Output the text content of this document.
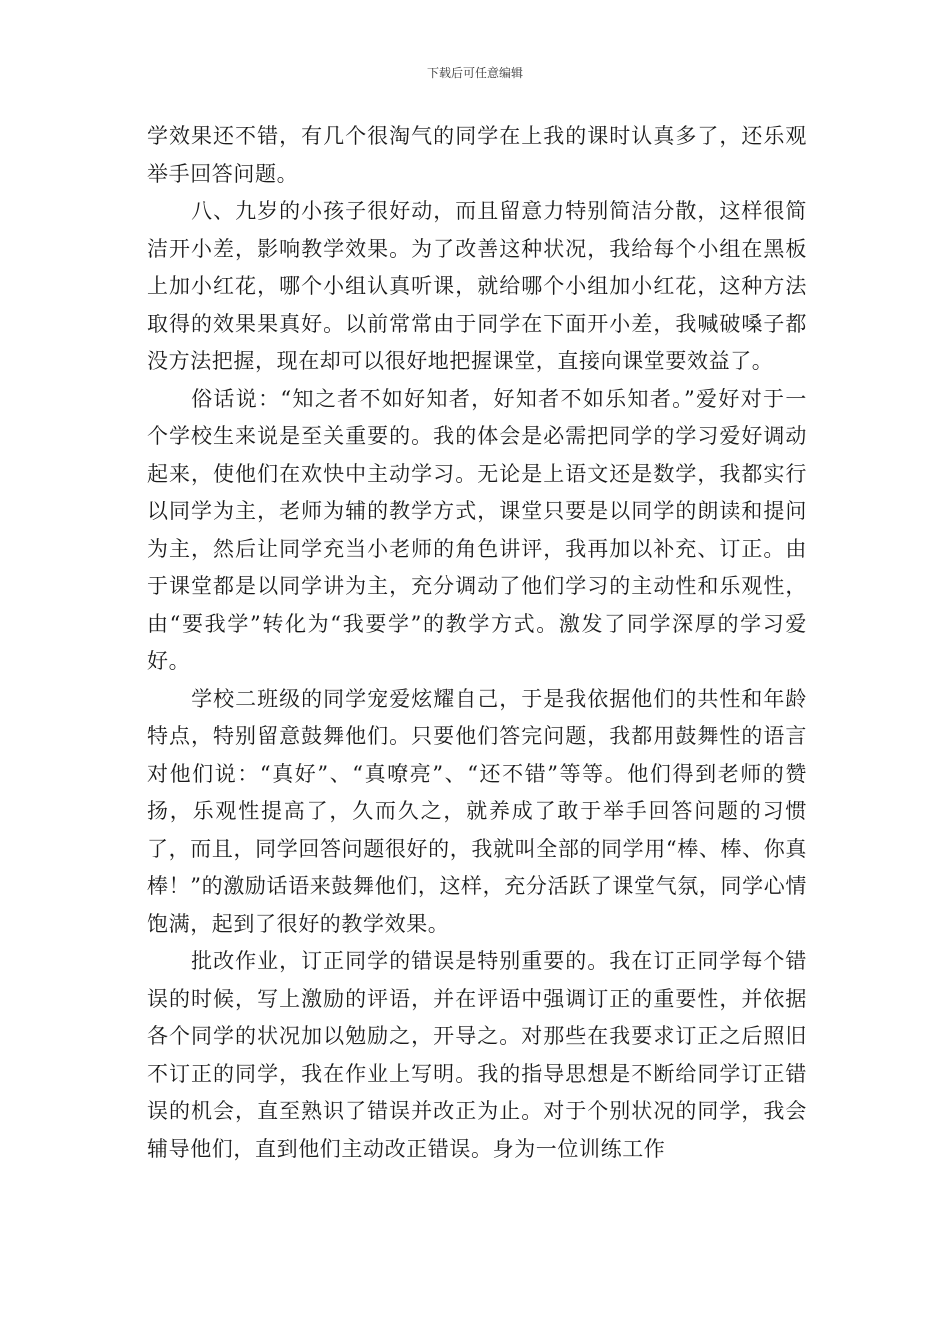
下载后可任意编辑

学效果还不错，有几个很淘气的同学在上我的课时认真多了，还乐观举手回答问题。

八、九岁的小孩子很好动，而且留意力特别简洁分散，这样很简洁开小差，影响教学效果。为了改善这种状况，我给每个小组在黑板上加小红花，哪个小组认真听课，就给哪个小组加小红花，这种方法取得的效果果真好。以前常常由于同学在下面开小差，我喊破嗓子都没方法把握，现在却可以很好地把握课堂，直接向课堂要效益了。

俗话说：“知之者不如好知者，好知者不如乐知者。”爱好对于一个学校生来说是至关重要的。我的体会是必需把同学的学习爱好调动起来，使他们在欢快中主动学习。无论是上语文还是数学，我都实行以同学为主，老师为辅的教学方式，课堂只要是以同学的朗读和提问为主，然后让同学充当小老师的角色讲评，我再加以补充、订正。由于课堂都是以同学讲为主，充分调动了他们学习的主动性和乐观性，由“要我学”转化为“我要学”的教学方式。激发了同学深厚的学习爱好。

学校二班级的同学宠爱炫耀自己，于是我依据他们的共性和年龄特点，特别留意鼓舞他们。只要他们答完问题，我都用鼓舞性的语言对他们说：“真好”、“真嘹亮”、“还不错”等等。他们得到老师的赞扬，乐观性提高了，久而久之，就养成了敢于举手回答问题的习惯了，而且，同学回答问题很好的，我就叫全部的同学用“棒、棒、你真棒！”的激励话语来鼓舞他们，这样，充分活跃了课堂气氛，同学心情饱满，起到了很好的教学效果。

批改作业，订正同学的错误是特别重要的。我在订正同学每个错误的时候，写上激励的评语，并在评语中强调订正的重要性，并依据各个同学的状况加以勉励之，开导之。对那些在我要求订正之后照旧不订正的同学，我在作业上写明。我的指导思想是不断给同学订正错误的机会，直至熟识了错误并改正为止。对于个别状况的同学，我会辅导他们，直到他们主动改正错误。身为一位训练工作
